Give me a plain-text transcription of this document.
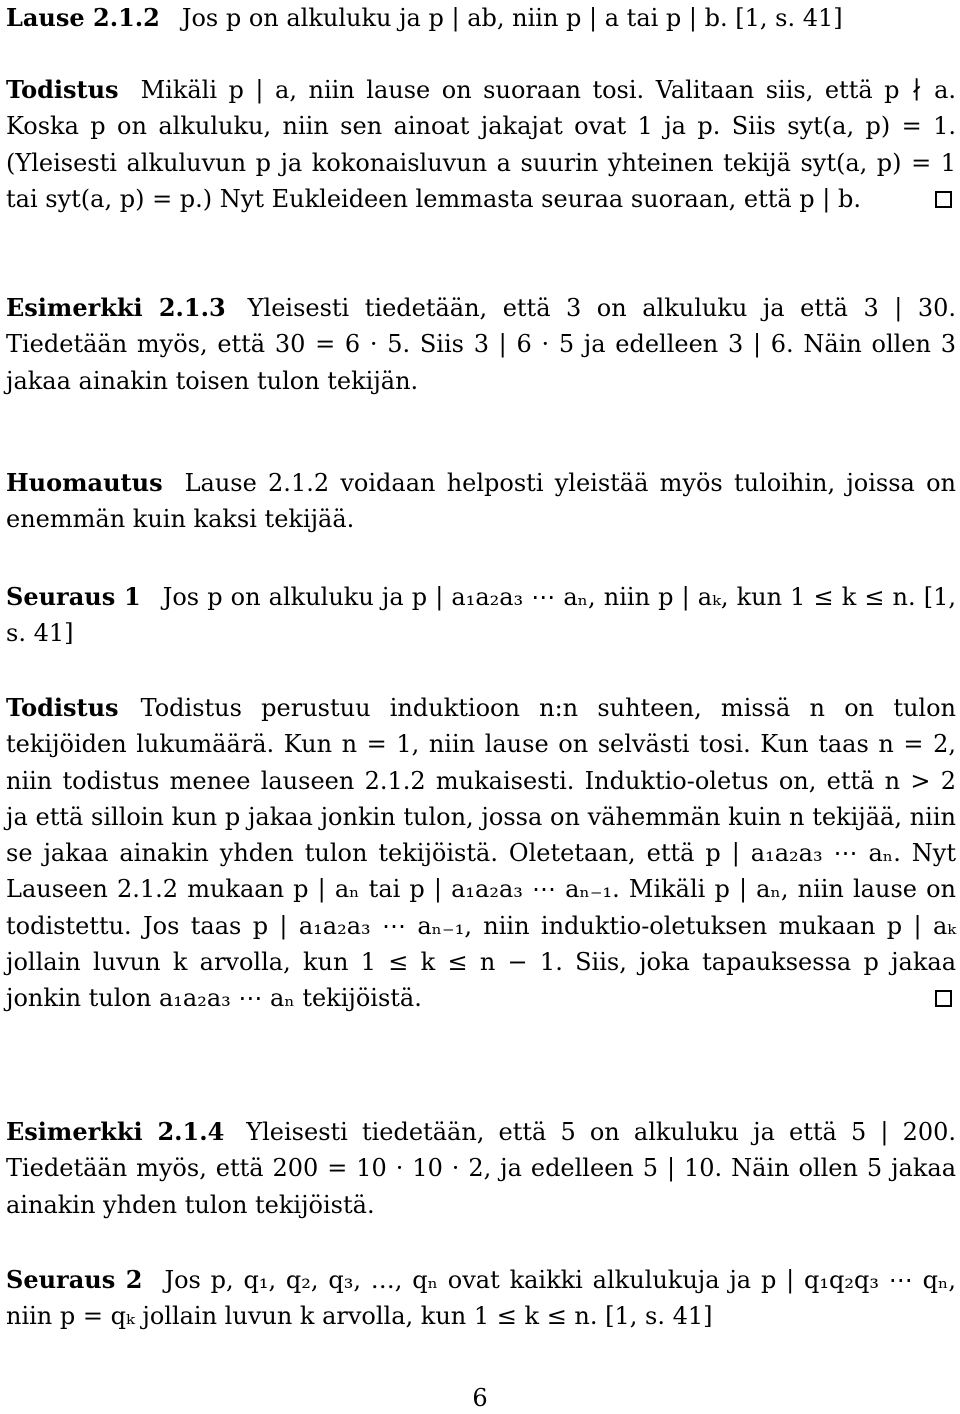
Lause 2.1.2 Jos p on alkuluku ja p | ab, niin p | a tai p | b. [1, s. 41]
Todistus Mikäli p | a, niin lause on suoraan tosi. Valitaan siis, että p ∤ a. Koska p on alkuluku, niin sen ainoat jakajat ovat 1 ja p. Siis syt(a, p) = 1. (Yleisesti alkuluvun p ja kokonaisluvun a suurin yhteinen tekijä syt(a, p) = 1 tai syt(a, p) = p.) Nyt Eukleideen lemmasta seuraa suoraan, että p | b.
Esimerkki 2.1.3 Yleisesti tiedetään, että 3 on alkuluku ja että 3 | 30. Tiedetään myös, että 30 = 6 · 5. Siis 3 | 6 · 5 ja edelleen 3 | 6. Näin ollen 3 jakaa ainakin toisen tulon tekijän.
Huomautus Lause 2.1.2 voidaan helposti yleistää myös tuloihin, joissa on enemmän kuin kaksi tekijää.
Seuraus 1 Jos p on alkuluku ja p | a₁a₂a₃ ⋯ aₙ, niin p | aₖ, kun 1 ≤ k ≤ n. [1, s. 41]
Todistus Todistus perustuu induktioon n:n suhteen, missä n on tulon tekijöiden lukumäärä. Kun n = 1, niin lause on selvästi tosi. Kun taas n = 2, niin todistus menee lauseen 2.1.2 mukaisesti. Induktio-oletus on, että n > 2 ja että silloin kun p jakaa jonkin tulon, jossa on vähemmän kuin n tekijää, niin se jakaa ainakin yhden tulon tekijöistä. Oletetaan, että p | a₁a₂a₃ ⋯ aₙ. Nyt Lauseen 2.1.2 mukaan p | aₙ tai p | a₁a₂a₃ ⋯ aₙ₋₁. Mikäli p | aₙ, niin lause on todistettu. Jos taas p | a₁a₂a₃ ⋯ aₙ₋₁, niin induktio-oletuksen mukaan p | aₖ jollain luvun k arvolla, kun 1 ≤ k ≤ n − 1. Siis, joka tapauksessa p jakaa jonkin tulon a₁a₂a₃ ⋯ aₙ tekijöistä.
Esimerkki 2.1.4 Yleisesti tiedetään, että 5 on alkuluku ja että 5 | 200. Tiedetään myös, että 200 = 10 · 10 · 2, ja edelleen 5 | 10. Näin ollen 5 jakaa ainakin yhden tulon tekijöistä.
Seuraus 2 Jos p, q₁, q₂, q₃, …, qₙ ovat kaikki alkulukuja ja p | q₁q₂q₃ ⋯ qₙ, niin p = qₖ jollain luvun k arvolla, kun 1 ≤ k ≤ n. [1, s. 41]
6
